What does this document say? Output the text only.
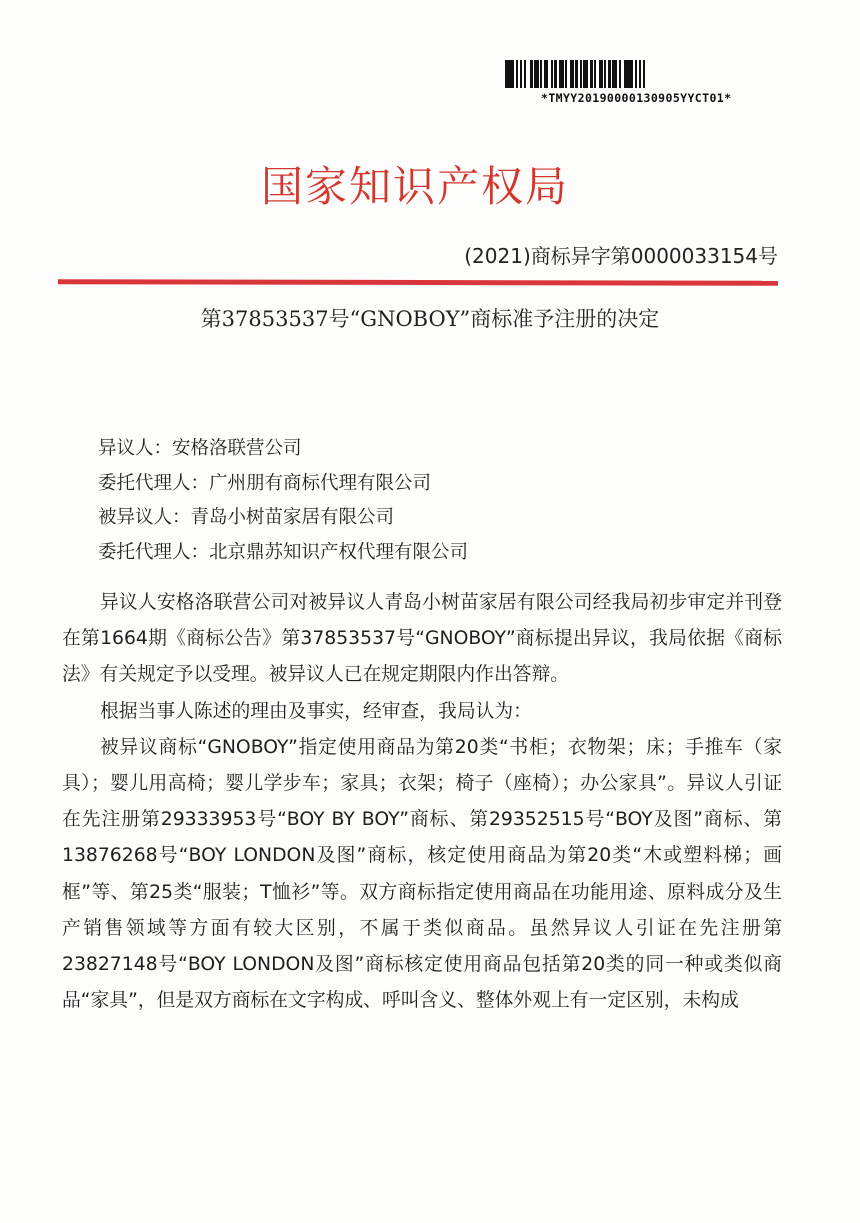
*TMYY20190000130905YYCT01*
国家知识产权局
(2021)商标异字第0000033154号
第37853537号“GNOBOY”商标准予注册的决定
异议人：安格洛联营公司
委托代理人：广州朋有商标代理有限公司
被异议人：青岛小树苗家居有限公司
委托代理人：北京鼎苏知识产权代理有限公司

异议人安格洛联营公司对被异议人青岛小树苗家居有限公司经我局初步审定并刊登在第1664期《商标公告》第37853537号“GNOBOY”商标提出异议，我局依据《商标法》有关规定予以受理。被异议人已在规定期限内作出答辩。

根据当事人陈述的理由及事实，经审查，我局认为：

被异议商标“GNOBOY”指定使用商品为第20类“书柜；衣物架；床；手推车（家具）；婴儿用高椅；婴儿学步车；家具；衣架；椅子（座椅）；办公家具”。异议人引证在先注册第29333953号“BOY BY BOY”商标、第29352515号“BOY及图”商标、第13876268号“BOY LONDON及图”商标，核定使用商品为第20类“木或塑料梯；画框”等、第25类“服装；T恤衫”等。双方商标指定使用商品在功能用途、原料成分及生产销售领域等方面有较大区别，不属于类似商品。虽然异议人引证在先注册第23827148号“BOY LONDON及图”商标核定使用商品包括第20类的同一种或类似商品“家具”，但是双方商标在文字构成、呼叫含义、整体外观上有一定区别，未构成
